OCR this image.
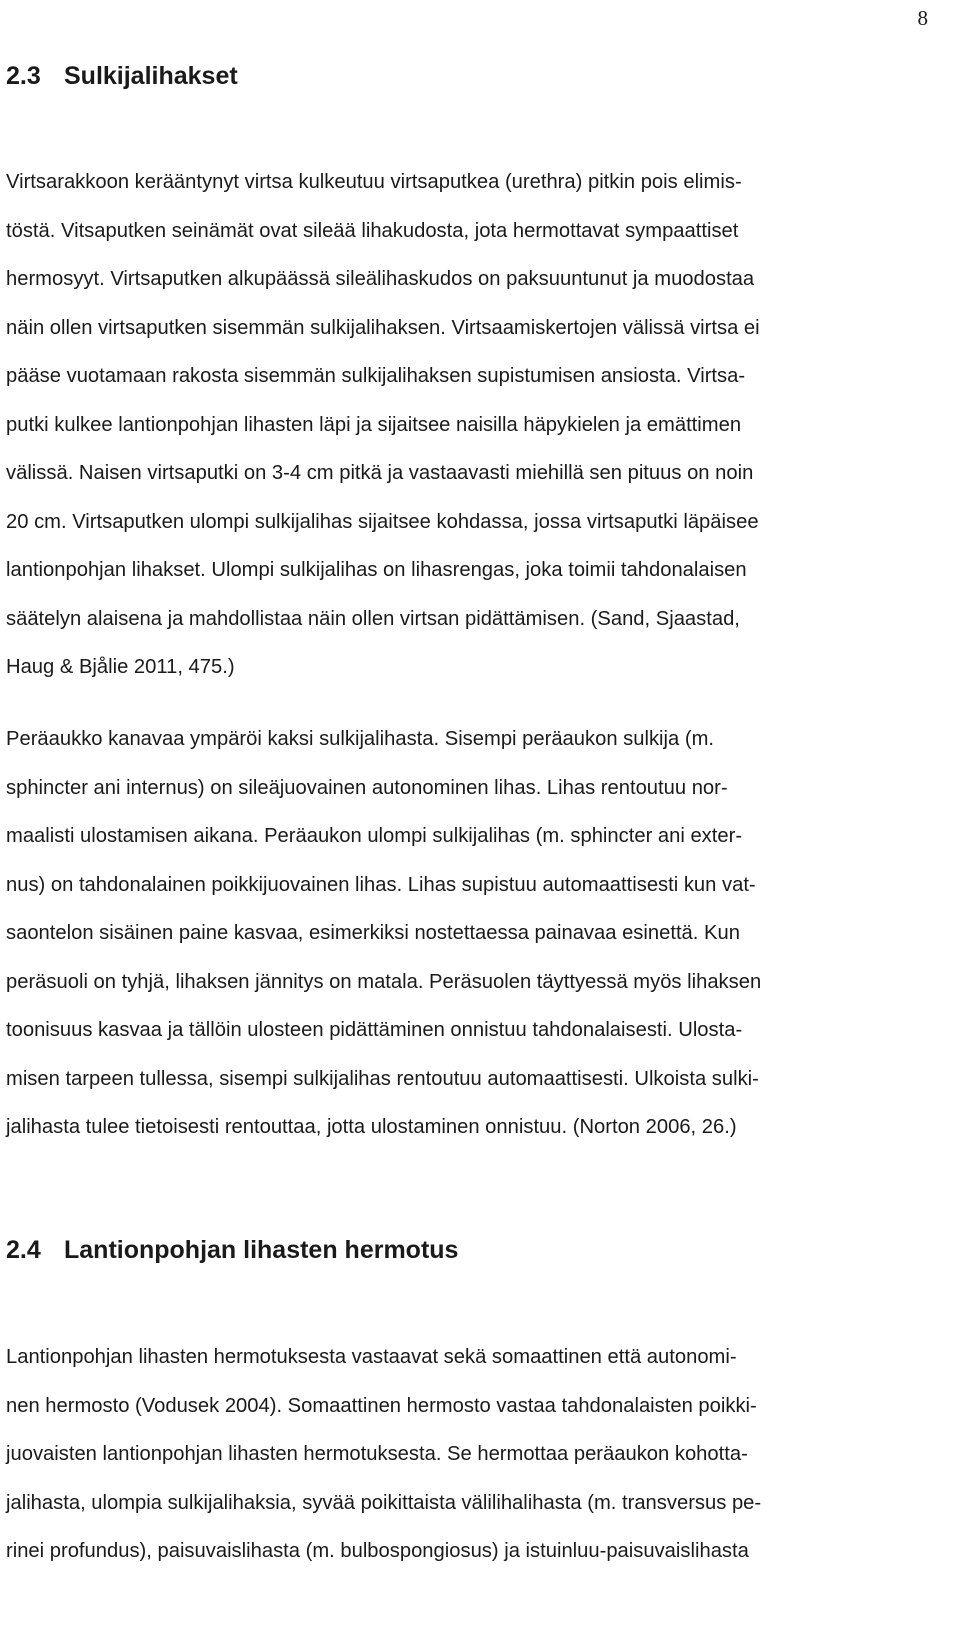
8
2.3 Sulkijalihakset

Virtsarakkoon kerääntynyt virtsa kulkeutuu virtsaputkea (urethra) pitkin pois elimis-
töstä. Vitsaputken seinämät ovat sileää lihakudosta, jota hermottavat sympaattiset
hermosyyt. Virtsaputken alkupäässä sileälihaskudos on paksuuntunut ja muodostaa
näin ollen virtsaputken sisemmän sulkijalihaksen. Virtsaamiskertojen välissä virtsa ei
pääse vuotamaan rakosta sisemmän sulkijalihaksen supistumisen ansiosta. Virtsa-
putki kulkee lantionpohjan lihasten läpi ja sijaitsee naisilla häpykielen ja emättimen
välissä. Naisen virtsaputki on 3-4 cm pitkä ja vastaavasti miehillä sen pituus on noin
20 cm. Virtsaputken ulompi sulkijalihas sijaitsee kohdassa, jossa virtsaputki läpäisee
lantionpohjan lihakset. Ulompi sulkijalihas on lihasrengas, joka toimii tahdonalaisen
säätelyn alaisena ja mahdollistaa näin ollen virtsan pidättämisen. (Sand, Sjaastad,
Haug & Bjålie 2011, 475.)

Peräaukko kanavaa ympäröi kaksi sulkijalihasta. Sisempi peräaukon sulkija (m.
sphincter ani internus) on sileäjuovainen autonominen lihas. Lihas rentoutuu nor-
maalisti ulostamisen aikana. Peräaukon ulompi sulkijalihas (m. sphincter ani exter-
nus) on tahdonalainen poikkijuovainen lihas. Lihas supistuu automaattisesti kun vat-
saontelon sisäinen paine kasvaa, esimerkiksi nostettaessa painavaa esinettä. Kun
peräsuoli on tyhjä, lihaksen jännitys on matala. Peräsuolen täyttyessä myös lihaksen
toonisuus kasvaa ja tällöin ulosteen pidättäminen onnistuu tahdonalaisesti. Ulosta-
misen tarpeen tullessa, sisempi sulkijalihas rentoutuu automaattisesti. Ulkoista sulki-
jalihasta tulee tietoisesti rentouttaa, jotta ulostaminen onnistuu. (Norton 2006, 26.)

2.4 Lantionpohjan lihasten hermotus

Lantionpohjan lihasten hermotuksesta vastaavat sekä somaattinen että autonomi-
nen hermosto (Vodusek 2004). Somaattinen hermosto vastaa tahdonalaisten poikki-
juovaisten lantionpohjan lihasten hermotuksesta. Se hermottaa peräaukon kohotta-
jalihasta, ulompia sulkijalihaksia, syvää poikittaista välilihalihasta (m. transversus pe-
rinei profundus), paisuvaislihasta (m. bulbospongiosus) ja istuinluu-paisuvaislihasta
